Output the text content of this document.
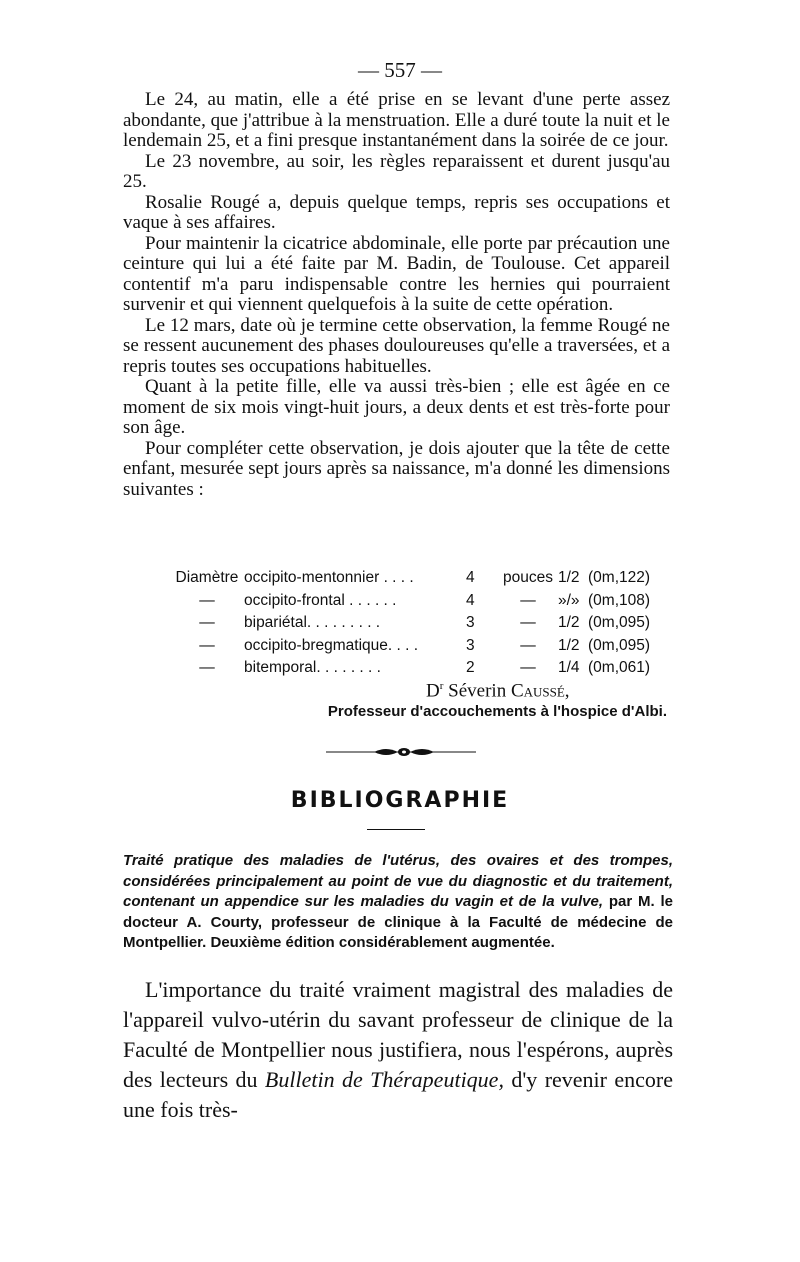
— 557 —

Le 24, au matin, elle a été prise en se levant d'une perte assez abondante, que j'attribue à la menstruation. Elle a duré toute la nuit et le lendemain 25, et a fini presque instantanément dans la soirée de ce jour.

Le 23 novembre, au soir, les règles reparaissent et durent jusqu'au 25.

Rosalie Rougé a, depuis quelque temps, repris ses occupations et vaque à ses affaires.

Pour maintenir la cicatrice abdominale, elle porte par précaution une ceinture qui lui a été faite par M. Badin, de Toulouse. Cet appareil contentif m'a paru indispensable contre les hernies qui pourraient survenir et qui viennent quelquefois à la suite de cette opération.

Le 12 mars, date où je termine cette observation, la femme Rougé ne se ressent aucunement des phases douloureuses qu'elle a traversées, et a repris toutes ses occupations habituelles.

Quant à la petite fille, elle va aussi très-bien ; elle est âgée en ce moment de six mois vingt-huit jours, a deux dents et est très-forte pour son âge.

Pour compléter cette observation, je dois ajouter que la tête de cette enfant, mesurée sept jours après sa naissance, m'a donné les dimensions suivantes :

Diamètre	occipito-mentonnier . . . .	4	pouces	1/2	(0m,122)
—	occipito-frontal . . . . . .	4	—	»/»	(0m,108)
—	bipariétal. . . . . . . . .	3	—	1/2	(0m,095)
—	occipito-bregmatique. . . .	3	—	1/2	(0m,095)
—	bitemporal. . . . . . . .	2	—	1/4	(0m,061)
$D^r$ Séverin Caussé,
Professeur d'accouchements à l'hospice d'Albi.
BIBLIOGRAPHIE
Traité pratique des maladies de l'utérus, des ovaires et des trompes, considérées principalement au point de vue du diagnostic et du traitement, contenant un appendice sur les maladies du vagin et de la vulve, par M. le docteur A. Courty, professeur de clinique à la Faculté de médecine de Montpellier. Deuxième édition considérablement augmentée.

L'importance du traité vraiment magistral des maladies de l'appareil vulvo-utérin du savant professeur de clinique de la Faculté de Montpellier nous justifiera, nous l'espérons, auprès des lecteurs du Bulletin de Thérapeutique, d'y revenir encore une fois très-
